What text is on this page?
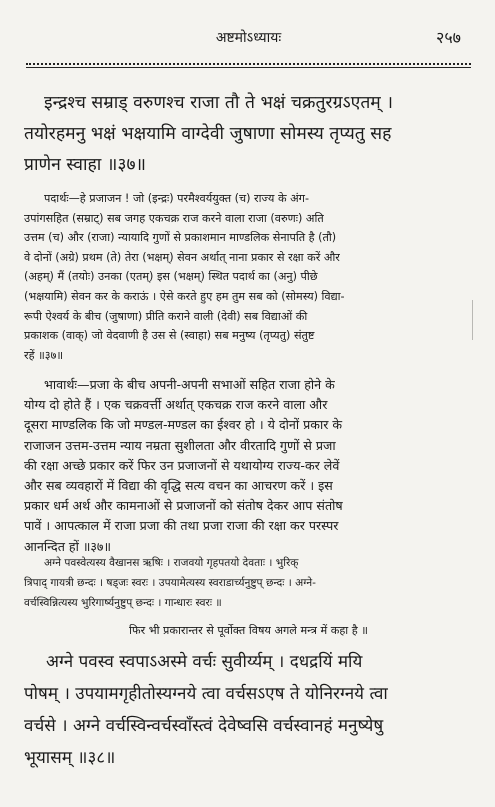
अष्टमोऽध्यायः	२५७
इन्द्रश्च सम्राड् वरुणश्च राजा तौ ते भक्षं चक्रतुरग्रऽएतम् ।
तयोरहमनु भक्षं भक्षयामि वाग्देवी जुषाणा सोमस्य तृप्यतु सह
प्राणेन स्वाहा ॥३७॥
पदार्थः—हे प्रजाजन ! जो (इन्द्रः) परमैश्वर्ययुक्त (च) राज्य के अंग-
उपांगसहित (सम्राट्) सब जगह एकचक्र राज करने वाला राजा (वरुणः) अति
उत्तम (च) और (राजा) न्यायादि गुणों से प्रकाशमान माण्डलिक सेनापति है (तौ)
वे दोनों (अग्रे) प्रथम (ते) तेरा (भक्षम्) सेवन अर्थात् नाना प्रकार से रक्षा करें और
(अहम्) मैं (तयोः) उनका (एतम्) इस (भक्षम्) स्थित पदार्थ का (अनु) पीछे
(भक्षयामि) सेवन कर के कराऊं । ऐसे करते हुए हम तुम सब को (सोमस्य) विद्या-
रूपी ऐश्वर्य के बीच (जुषाणा) प्रीति कराने वाली (देवी) सब विद्याओं की
प्रकाशक (वाक्) जो वेदवाणी है उस से (स्वाहा) सब मनुष्य (तृप्यतु) संतुष्ट
रहें ॥३७॥
भावार्थः—प्रजा के बीच अपनी-अपनी सभाओं सहित राजा होने के
योग्य दो होते हैं । एक चक्रवर्त्ती अर्थात् एकचक्र राज करने वाला और
दूसरा माण्डलिक कि जो मण्डल-मण्डल का ईश्वर हो । ये दोनों प्रकार के
राजाजन उत्तम-उत्तम न्याय नम्रता सुशीलता और वीरतादि गुणों से प्रजा
की रक्षा अच्छे प्रकार करें फिर उन प्रजाजनों से यथायोग्य राज्य-कर लेवें
और सब व्यवहारों में विद्या की वृद्धि सत्य वचन का आचरण करें । इस
प्रकार धर्म अर्थ और कामनाओं से प्रजाजनों को संतोष देकर आप संतोष
पावें । आपत्काल में राजा प्रजा की तथा प्रजा राजा की रक्षा कर परस्पर
आनन्दित हों ॥३७॥
अग्ने पवस्वेत्यस्य वैखानस ऋषिः । राजवयो गृहपतयो देवताः । भुरिक्
त्रिपाद् गायत्री छन्दः । षड्जः स्वरः । उपयामेत्यस्य स्वराडार्च्यनुष्टुप् छन्दः । अग्ने-
वर्चस्विन्नित्यस्य भुरिगार्ष्यनुष्टुप् छन्दः । गान्धारः स्वरः ॥
फिर भी प्रकारान्तर से पूर्वोक्त विषय अगले मन्त्र में कहा है ॥
अग्ने पवस्व स्वपाऽअस्मे वर्चः सुवीर्य्यम् । दधद्रयिं मयि
पोषम् । उपयामगृहीतोस्यग्नये त्वा वर्चसऽएष ते योनिरग्नये त्वा
वर्चसे । अग्ने वर्चस्विन्वर्चस्वाँस्त्वं देवेष्वसि वर्चस्वानहं मनुष्येषु
भूयासम् ॥३८॥
